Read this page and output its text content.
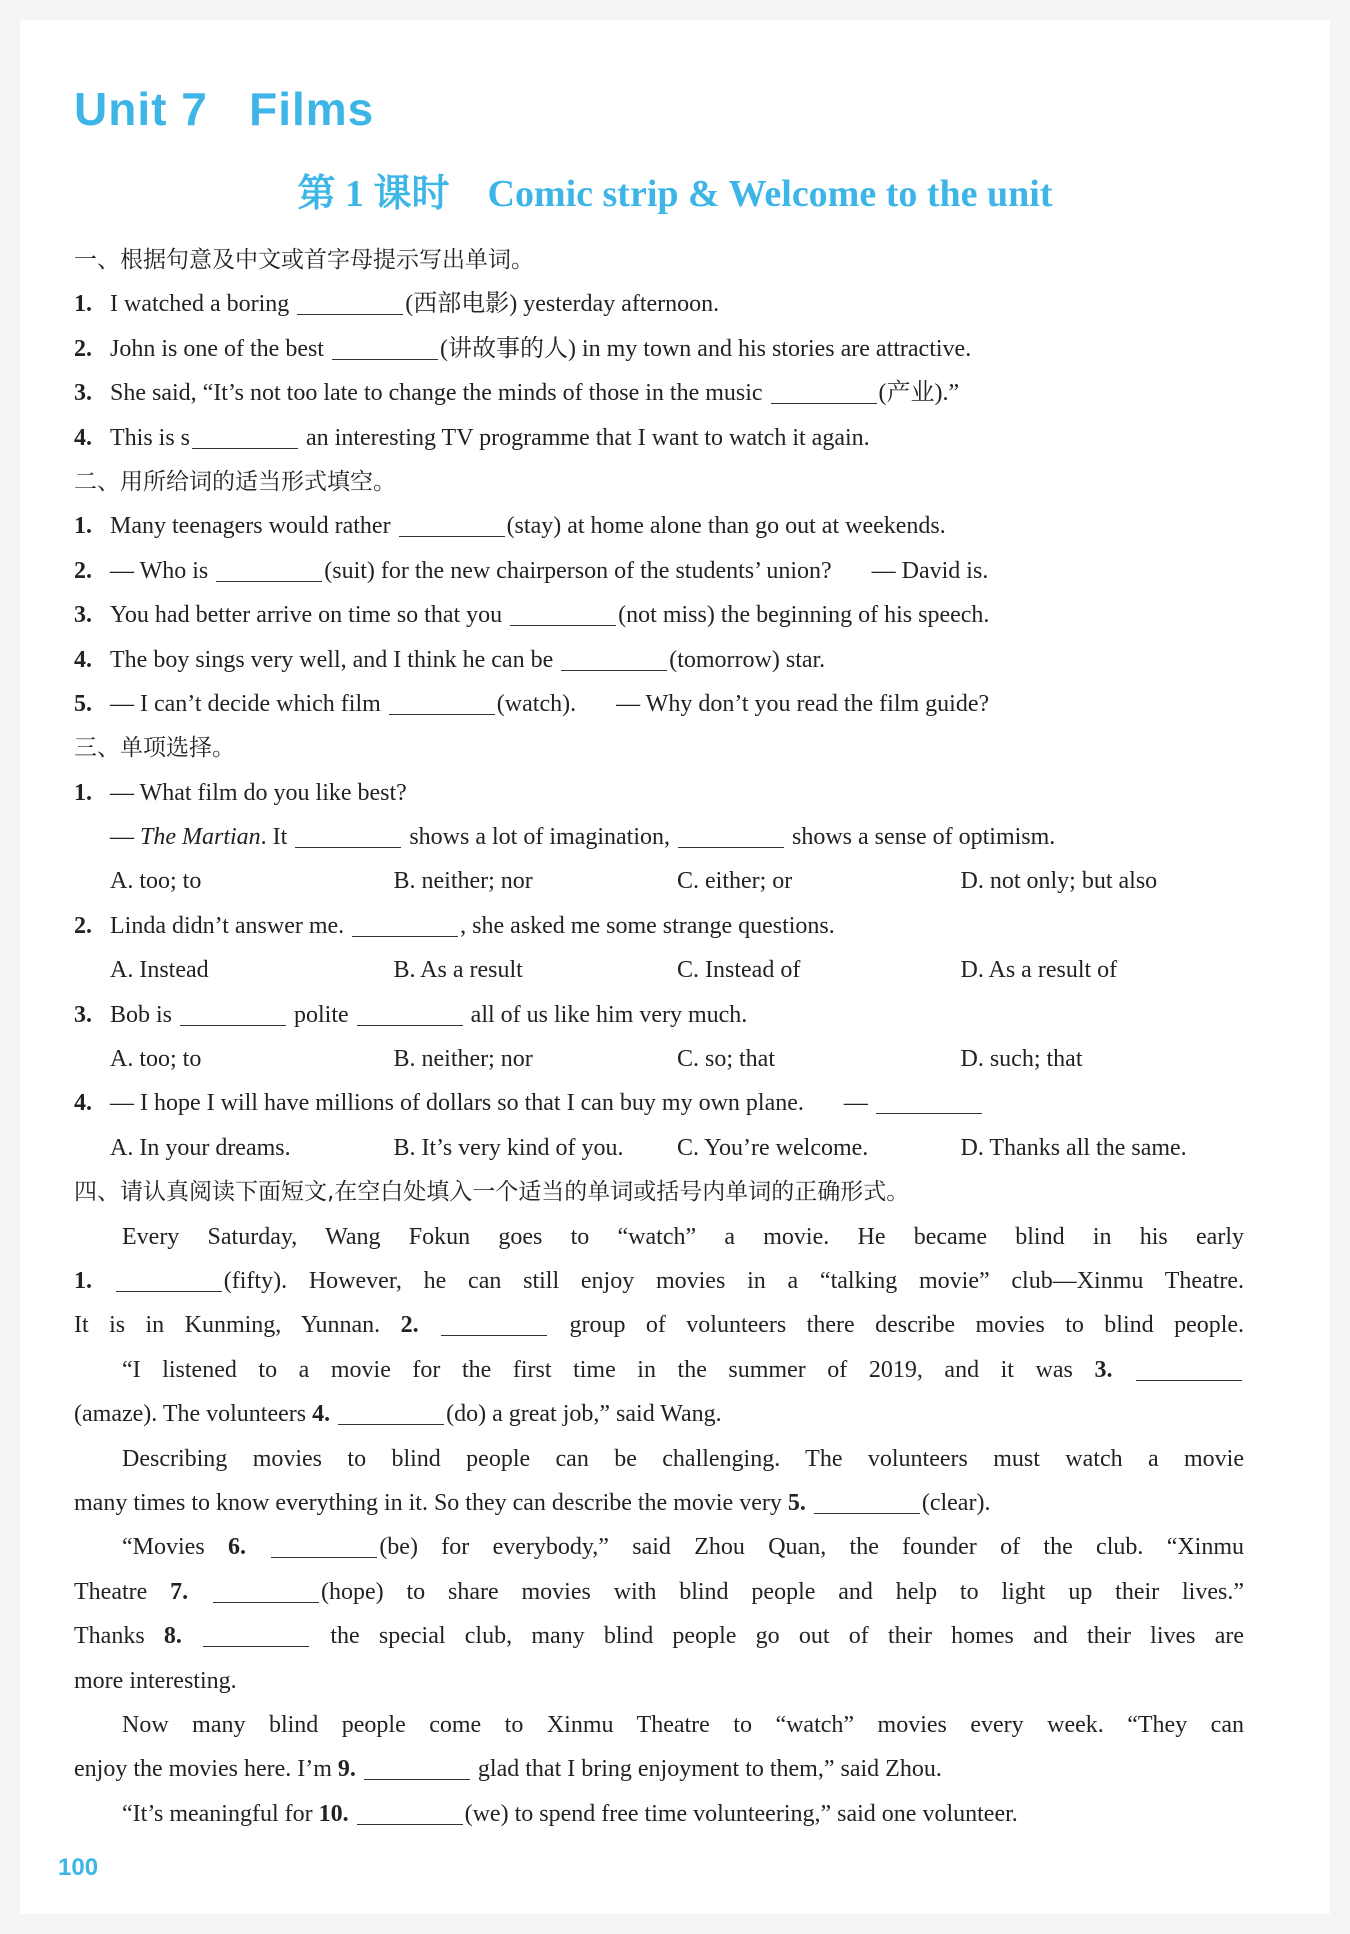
Unit 7 Films
第 1 课时 Comic strip & Welcome to the unit
一、根据句意及中文或首字母提示写出单词。
1. I watched a boring	(西部电影) yesterday afternoon.
2. John is one of the best	(讲故事的人) in my town and his stories are attractive.
3. She said, “It’s not too late to change the minds of those in the music	(产业).”
4. This is s	an interesting TV programme that I want to watch it again.
二、用所给词的适当形式填空。
1. Many teenagers would rather	(stay) at home alone than go out at weekends.
2. — Who is	(suit) for the new chairperson of the students’ union? — David is.
3. You had better arrive on time so that you	(not miss) the beginning of his speech.
4. The boy sings very well, and I think he can be	(tomorrow) star.
5. — I can’t decide which film	(watch). — Why don’t you read the film guide?
三、单项选择。
1. — What film do you like best?
— The Martian. It	shows a lot of imagination,	shows a sense of optimism.
A. too; to	B. neither; nor	C. either; or	D. not only; but also
2. Linda didn’t answer me.	, she asked me some strange questions.
A. Instead	B. As a result	C. Instead of	D. As a result of
3. Bob is	polite	all of us like him very much.
A. too; to	B. neither; nor	C. so; that	D. such; that
4. — I hope I will have millions of dollars so that I can buy my own plane. —
A. In your dreams.	B. It’s very kind of you.	C. You’re welcome.	D. Thanks all the same.
四、请认真阅读下面短文,在空白处填入一个适当的单词或括号内单词的正确形式。
Every Saturday, Wang Fokun goes to “watch” a movie. He became blind in his early
1.	(fifty). However, he can still enjoy movies in a “talking movie” club—Xinmu Theatre.
It is in Kunming, Yunnan. 2.	group of volunteers there describe movies to blind people.
“I listened to a movie for the first time in the summer of 2019, and it was 3.
(amaze). The volunteers 4.	(do) a great job,” said Wang.
Describing movies to blind people can be challenging. The volunteers must watch a movie
many times to know everything in it. So they can describe the movie very 5.	(clear).
“Movies 6.	(be) for everybody,” said Zhou Quan, the founder of the club. “Xinmu
Theatre 7.	(hope) to share movies with blind people and help to light up their lives.”
Thanks 8.	the special club, many blind people go out of their homes and their lives are
more interesting.
Now many blind people come to Xinmu Theatre to “watch” movies every week. “They can
enjoy the movies here. I’m 9.	glad that I bring enjoyment to them,” said Zhou.
“It’s meaningful for 10.	(we) to spend free time volunteering,” said one volunteer.
100
